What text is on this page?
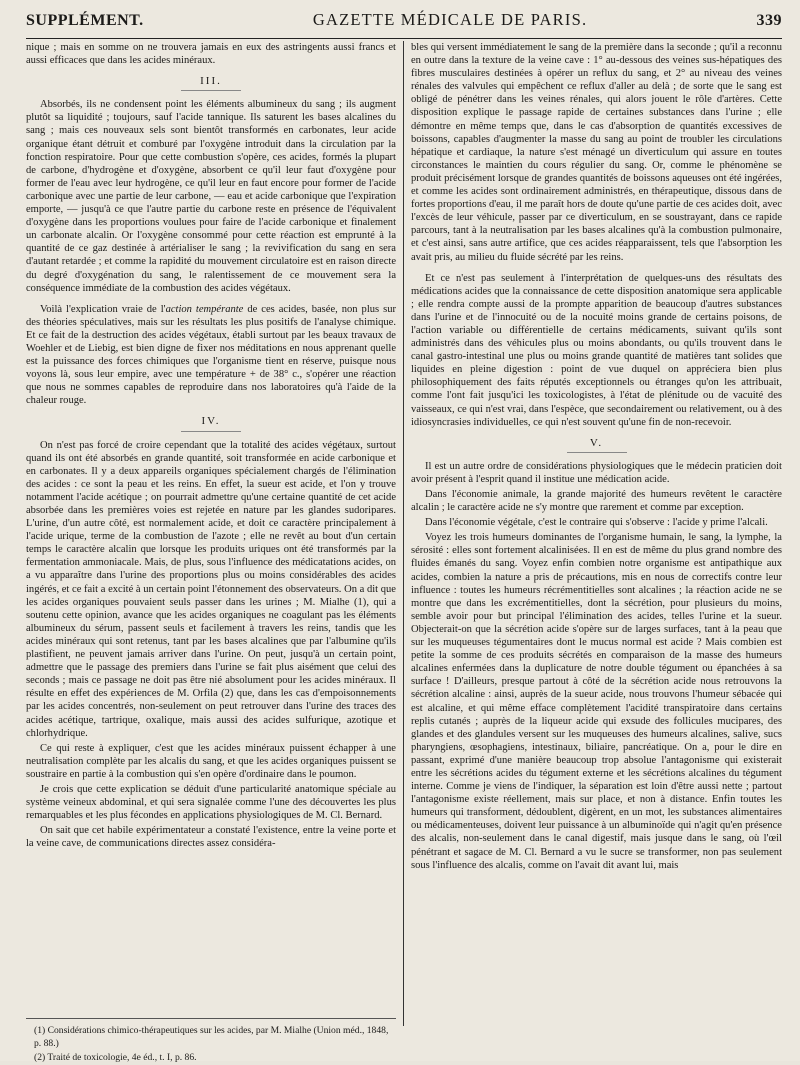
SUPPLÉMENT.	GAZETTE MÉDICALE DE PARIS.	339

nique ; mais en somme on ne trouvera jamais en eux des astringents aussi francs et aussi efficaces que dans les acides minéraux.

III.

Absorbés, ils ne condensent point les éléments albumineux du sang ; ils augment plutôt sa liquidité ; toujours, sauf l'acide tannique. Ils saturent les bases alcalines du sang ; mais ces nouveaux sels sont bientôt transformés en carbonates, leur acide organique étant détruit et comburé par l'oxygène introduit dans la circulation par la fonction respiratoire. Pour que cette combustion s'opère, ces acides, formés la plupart de carbone, d'hydrogène et d'oxygène, absorbent ce qu'il leur faut d'oxygène pour former de l'eau avec leur hydrogène, ce qu'il leur en faut encore pour former de l'acide carbonique avec une partie de leur carbone, — eau et acide carbonique que l'expiration emporte, — jusqu'à ce que l'autre partie du carbone reste en présence de l'équivalent d'oxygène dans les proportions voulues pour faire de l'acide carbonique et finalement un carbonate alcalin. Or l'oxygène consommé pour cette réaction est emprunté à la quantité de ce gaz destinée à artérialiser le sang ; la revivification du sang en sera d'autant retardée ; et comme la rapidité du mouvement circulatoire est en raison directe du degré d'oxygénation du sang, le ralentissement de ce mouvement sera la conséquence immédiate de la combustion des acides végétaux.

Voilà l'explication vraie de l'action tempérante de ces acides, basée, non plus sur des théories spéculatives, mais sur les résultats les plus positifs de l'analyse chimique. Et ce fait de la destruction des acides végétaux, établi surtout par les beaux travaux de Woehler et de Liebig, est bien digne de fixer nos méditations en nous apprenant quelle est la puissance des forces chimiques que l'organisme tient en réserve, puisque nous voyons là, sous leur empire, avec une température + de 38° c., s'opérer une réaction que nous ne sommes capables de reproduire dans nos laboratoires qu'à l'aide de la chaleur rouge.

IV.

On n'est pas forcé de croire cependant que la totalité des acides végétaux, surtout quand ils ont été absorbés en grande quantité, soit transformée en acide carbonique et en carbonates. Il y a deux appareils organiques spécialement chargés de l'élimination des acides : ce sont la peau et les reins. En effet, la sueur est acide, et l'on y trouve notamment l'acide acétique ; on pourrait admettre qu'une certaine quantité de cet acide absorbée dans les premières voies est rejetée en nature par les glandes sudoripares. L'urine, d'un autre côté, est normalement acide, et doit ce caractère principalement à l'acide urique, terme de la combustion de l'azote ; elle ne revêt au bout d'un certain temps le caractère alcalin que lorsque les produits uriques ont été transformés par la fermentation ammoniacale. Mais, de plus, sous l'influence des médicatations acides, on a vu apparaître dans l'urine des proportions plus ou moins considérables des acides ingérés, et ce fait a excité à un certain point l'étonnement des observateurs. On a dit que les acides organiques pouvaient seuls passer dans les urines ; M. Mialhe (1), qui a soutenu cette opinion, avance que les acides organiques ne coagulant pas les éléments albumineux du sérum, passent seuls et facilement à travers les reins, tandis que les acides minéraux qui sont retenus, tant par les bases alcalines que par l'albumine qu'ils plastifient, ne peuvent jamais arriver dans l'urine. On peut, jusqu'à un certain point, admettre que le passage des premiers dans l'urine se fait plus aisément que celui des seconds ; mais ce passage ne doit pas être nié absolument pour les acides minéraux. Il résulte en effet des expériences de M. Orfila (2) que, dans les cas d'empoisonnements par les acides concentrés, non-seulement on peut retrouver dans l'urine des traces des acides acétique, tartrique, oxalique, mais aussi des acides sulfurique, azotique et chlorhydrique.

Ce qui reste à expliquer, c'est que les acides minéraux puissent échapper à une neutralisation complète par les alcalis du sang, et que les acides organiques puissent se soustraire en partie à la combustion qui s'en opère d'ordinaire dans le poumon.

Je crois que cette explication se déduit d'une particularité anatomique spéciale au système veineux abdominal, et qui sera signalée comme l'une des découvertes les plus remarquables et les plus fécondes en applications physiologiques de M. Cl. Bernard.

On sait que cet habile expérimentateur a constaté l'existence, entre la veine porte et la veine cave, de communications directes assez considéra-

bles qui versent immédiatement le sang de la première dans la seconde ; qu'il a reconnu en outre dans la texture de la veine cave : 1° au-dessous des veines sus-hépatiques des fibres musculaires destinées à opérer un reflux du sang, et 2° au niveau des veines rénales des valvules qui empêchent ce reflux d'aller au delà ; de sorte que le sang est obligé de pénétrer dans les veines rénales, qui alors jouent le rôle d'artères. Cette disposition explique le passage rapide de certaines substances dans l'urine ; elle démontre en même temps que, dans le cas d'absorption de quantités excessives de boissons, capables d'augmenter la masse du sang au point de troubler les circulations hépatique et cardiaque, la nature s'est ménagé un diverticulum qui assure en toutes circonstances le maintien du cours régulier du sang. Or, comme le phénomène se produit précisément lorsque de grandes quantités de boissons aqueuses ont été ingérées, et comme les acides sont ordinairement administrés, en thérapeutique, dissous dans de fortes proportions d'eau, il me paraît hors de doute qu'une partie de ces acides doit, avec l'excès de leur véhicule, passer par ce diverticulum, en se soustrayant, dans ce rapide parcours, tant à la neutralisation par les bases alcalines qu'à la combustion pulmonaire, et c'est ainsi, sans autre artifice, que ces acides réapparaissent, tels que l'absorption les avait pris, au milieu du fluide sécrété par les reins.

Et ce n'est pas seulement à l'interprétation de quelques-uns des résultats des médications acides que la connaissance de cette disposition anatomique sera applicable ; elle rendra compte aussi de la prompte apparition de beaucoup d'autres substances dans l'urine et de l'innocuité ou de la nocuité moins grande de certains poisons, de l'action variable ou différentielle de certains médicaments, suivant qu'ils sont administrés dans des véhicules plus ou moins abondants, ou qu'ils trouvent dans le canal gastro-intestinal une plus ou moins grande quantité de matières tant solides que liquides en pleine digestion : point de vue duquel on appréciera bien plus philosophiquement des faits réputés exceptionnels ou étranges qu'on les attribuait, comme l'ont fait jusqu'ici les toxicologistes, à l'état de plénitude ou de vacuité des vaisseaux, ce qui n'est vrai, dans l'espèce, que secondairement ou relativement, ou à des idiosyncrasies individuelles, ce qui n'est souvent qu'une fin de non-recevoir.

V.

Il est un autre ordre de considérations physiologiques que le médecin praticien doit avoir présent à l'esprit quand il institue une médication acide.

Dans l'économie animale, la grande majorité des humeurs revêtent le caractère alcalin ; le caractère acide ne s'y montre que rarement et comme par exception.

Dans l'économie végétale, c'est le contraire qui s'observe : l'acide y prime l'alcali.

Voyez les trois humeurs dominantes de l'organisme humain, le sang, la lymphe, la sérosité : elles sont fortement alcalinisées. Il en est de même du plus grand nombre des fluides émanés du sang. Voyez enfin combien notre organisme est antipathique aux acides, combien la nature a pris de précautions, mis en nous de correctifs contre leur influence : toutes les humeurs récrémentitielles sont alcalines ; la réaction acide ne se montre que dans les excrémentitielles, dont la sécrétion, pour plusieurs du moins, semble avoir pour but principal l'élimination des acides, telles l'urine et la sueur. Objecterait-on que la sécrétion acide s'opère sur de larges surfaces, tant à la peau que sur les muqueuses tégumentaires dont le mucus normal est acide ? Mais combien est petite la somme de ces produits sécrétés en comparaison de la masse des humeurs alcalines enfermées dans la duplicature de notre double tégument ou épanchées à sa surface ! D'ailleurs, presque partout à côté de la sécrétion acide nous retrouvons la sécrétion alcaline : ainsi, auprès de la sueur acide, nous trouvons l'humeur sébacée qui est alcaline, et qui même efface complètement l'acidité transpiratoire dans certains replis cutanés ; auprès de la liqueur acide qui exsude des follicules mucipares, des glandes et des glandules versent sur les muqueuses des humeurs alcalines, salive, sucs pharyngiens, œsophagiens, intestinaux, biliaire, pancréatique. On a, pour le dire en passant, exprimé d'une manière beaucoup trop absolue l'antagonisme qui existerait entre les sécrétions acides du tégument externe et les sécrétions alcalines du tégument interne. Comme je viens de l'indiquer, la séparation est loin d'être aussi nette ; partout l'antagonisme existe réellement, mais sur place, et non à distance. Enfin toutes les humeurs qui transforment, dédoublent, digèrent, en un mot, les substances alimentaires ou médicamenteuses, doivent leur puissance à un albuminoïde qui n'agit qu'en présence des alcalis, non-seulement dans le canal digestif, mais jusque dans le sang, où l'œil pénétrant et sagace de M. Cl. Bernard a vu le sucre se transformer, non pas seulement sous l'influence des alcalis, comme on l'avait dit avant lui, mais

(1) Considérations chimico-thérapeutiques sur les acides, par M. Mialhe (Union méd., 1848, p. 88.)
(2) Traité de toxicologie, 4e éd., t. I, p. 86.
